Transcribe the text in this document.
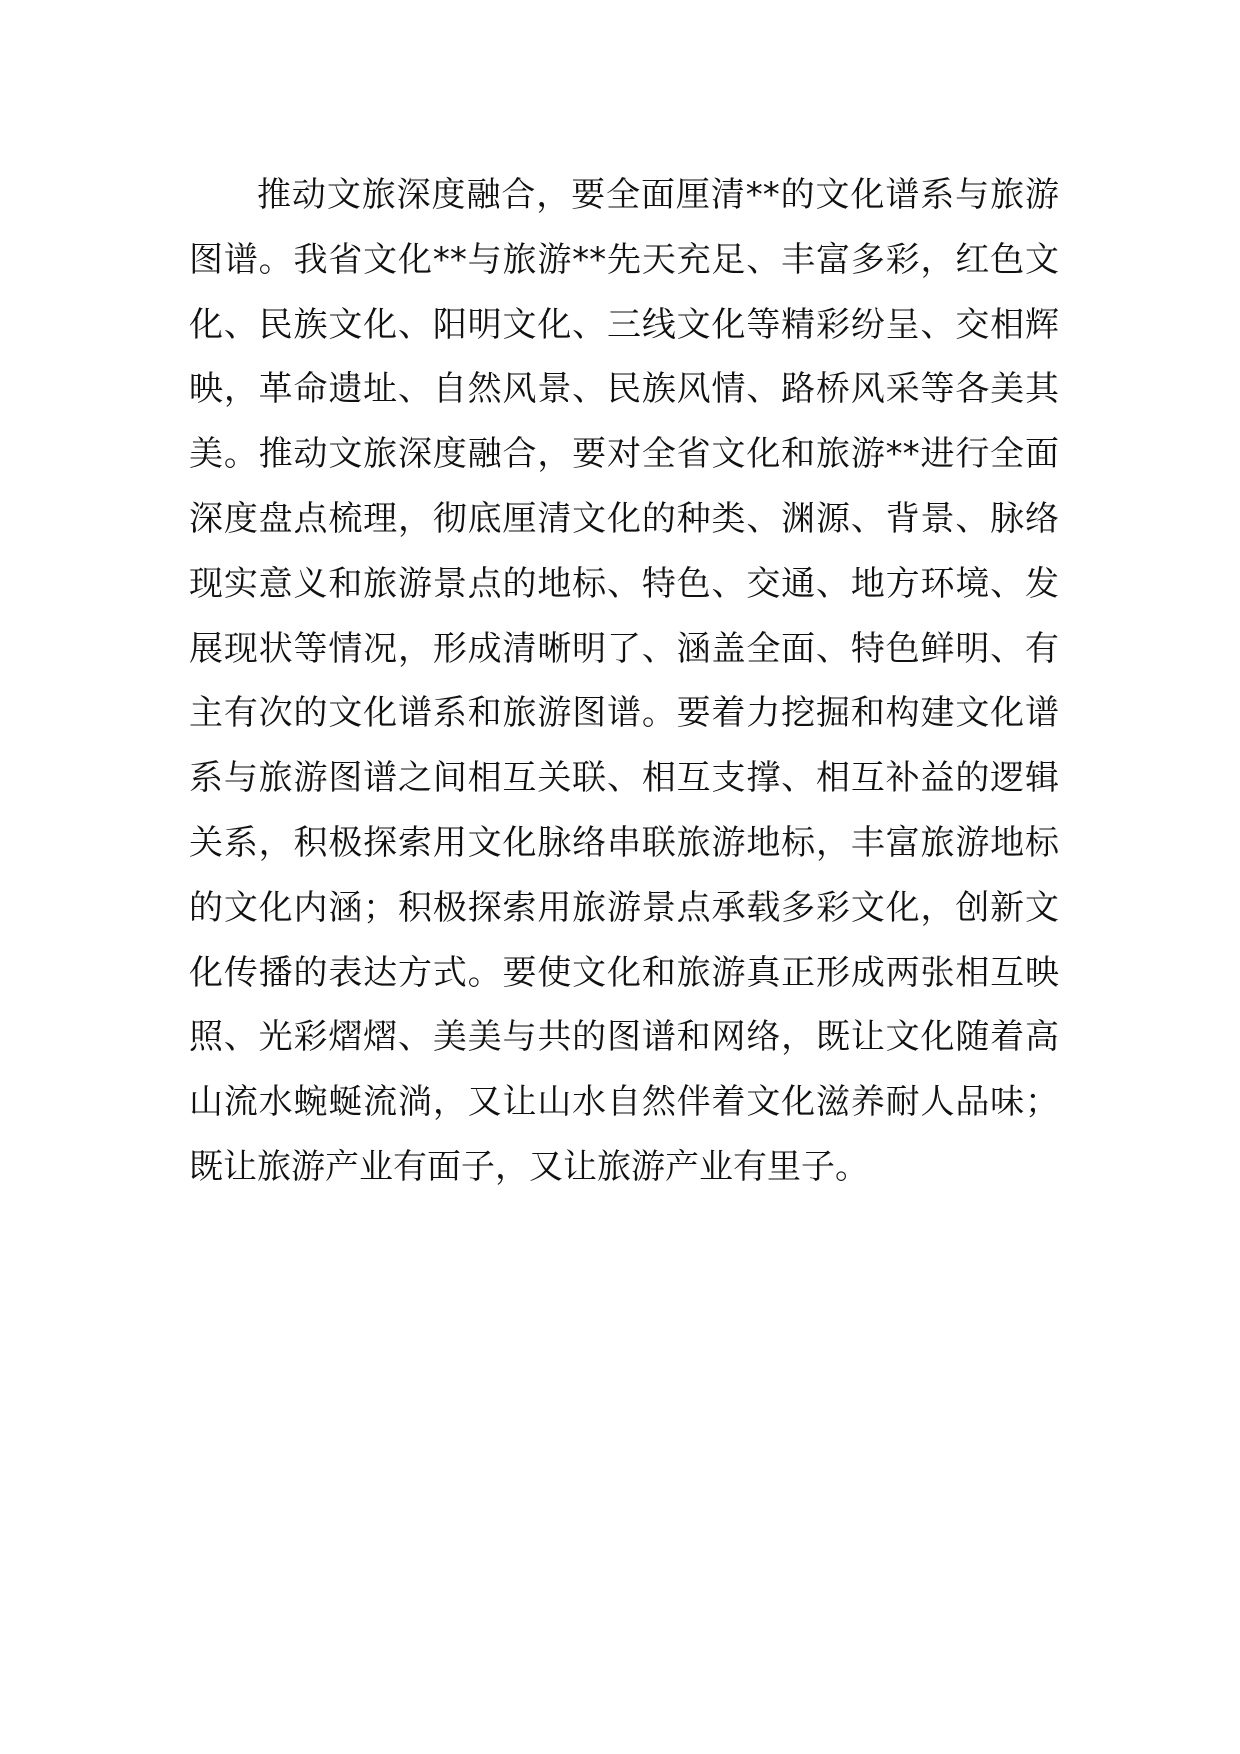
推动文旅深度融合，要全面厘清**的文化谱系与旅游
图谱。我省文化**与旅游**先天充足、丰富多彩，红色文
化、民族文化、阳明文化、三线文化等精彩纷呈、交相辉
映，革命遗址、自然风景、民族风情、路桥风采等各美其
美。推动文旅深度融合，要对全省文化和旅游**进行全面
深度盘点梳理，彻底厘清文化的种类、渊源、背景、脉络
现实意义和旅游景点的地标、特色、交通、地方环境、发
展现状等情况，形成清晰明了、涵盖全面、特色鲜明、有
主有次的文化谱系和旅游图谱。要着力挖掘和构建文化谱
系与旅游图谱之间相互关联、相互支撑、相互补益的逻辑
关系，积极探索用文化脉络串联旅游地标，丰富旅游地标
的文化内涵；积极探索用旅游景点承载多彩文化，创新文
化传播的表达方式。要使文化和旅游真正形成两张相互映
照、光彩熠熠、美美与共的图谱和网络，既让文化随着高
山流水蜿蜒流淌，又让山水自然伴着文化滋养耐人品味；
既让旅游产业有面子，又让旅游产业有里子。
